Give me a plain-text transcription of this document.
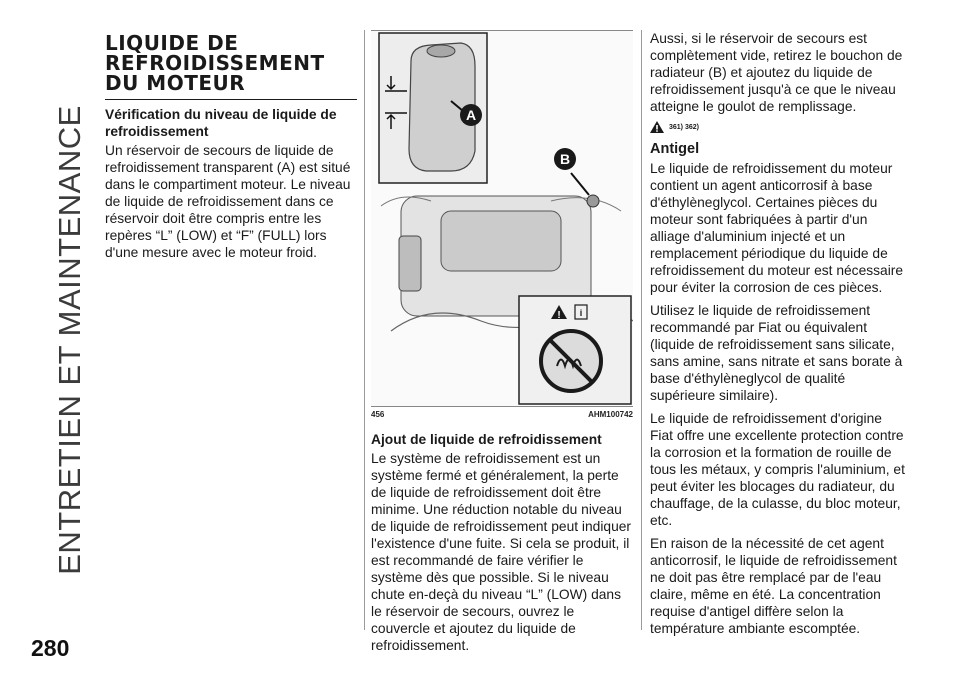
ENTRETIEN ET MAINTENANCE
280
LIQUIDE DE
REFROIDISSEMENT
DU MOTEUR
Vérification du niveau de liquide de refroidissement

Un réservoir de secours de liquide de refroidissement transparent (A) est situé dans le compartiment moteur. Le niveau de liquide de refroidissement dans ce réservoir doit être compris entre les repères “L” (LOW) et “F” (FULL) lors d'une mesure avec le moteur froid.

A
B
! i
456	AHM100742
Ajout de liquide de refroidissement

Le système de refroidissement est un système fermé et généralement, la perte de liquide de refroidissement doit être minime. Une réduction notable du niveau de liquide de refroidissement peut indiquer l'existence d'une fuite. Si cela se produit, il est recommandé de faire vérifier le système dès que possible. Si le niveau chute en-deçà du niveau “L” (LOW) dans le réservoir de secours, ouvrez le couvercle et ajoutez du liquide de refroidissement.

Aussi, si le réservoir de secours est complètement vide, retirez le bouchon de radiateur (B) et ajoutez du liquide de refroidissement jusqu'à ce que le niveau atteigne le goulot de remplissage.

361) 362)
Antigel

Le liquide de refroidissement du moteur contient un agent anticorrosif à base d'éthylèneglycol. Certaines pièces du moteur sont fabriquées à partir d'un alliage d'aluminium injecté et un remplacement périodique du liquide de refroidissement du moteur est nécessaire pour éviter la corrosion de ces pièces.

Utilisez le liquide de refroidissement recommandé par Fiat ou équivalent (liquide de refroidissement sans silicate, sans amine, sans nitrate et sans borate à base d'éthylèneglycol de qualité supérieure similaire).

Le liquide de refroidissement d'origine Fiat offre une excellente protection contre la corrosion et la formation de rouille de tous les métaux, y compris l'aluminium, et peut éviter les blocages du radiateur, du chauffage, de la culasse, du bloc moteur, etc.

En raison de la nécessité de cet agent anticorrosif, le liquide de refroidissement ne doit pas être remplacé par de l'eau claire, même en été. La concentration requise d'antigel diffère selon la température ambiante escomptée.
